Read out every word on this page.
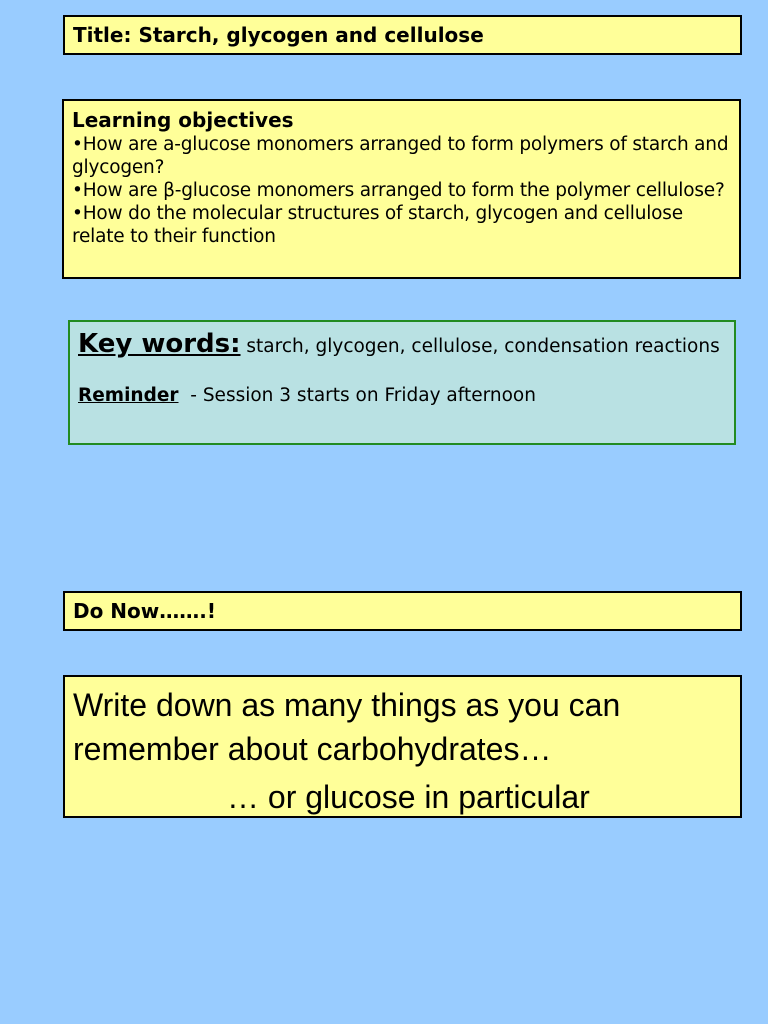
Title: Starch, glycogen and cellulose
Learning objectives
•How are a-glucose monomers arranged to form polymers of starch and glycogen?
•How are β-glucose monomers arranged to form the polymer cellulose?
•How do the molecular structures of starch, glycogen and cellulose relate to their function
Key words: starch, glycogen, cellulose, condensation reactions
Reminder  - Session 3 starts on Friday afternoon
Do Now…….!
Write down as many things as you can remember about carbohydrates…
… or glucose in particular
